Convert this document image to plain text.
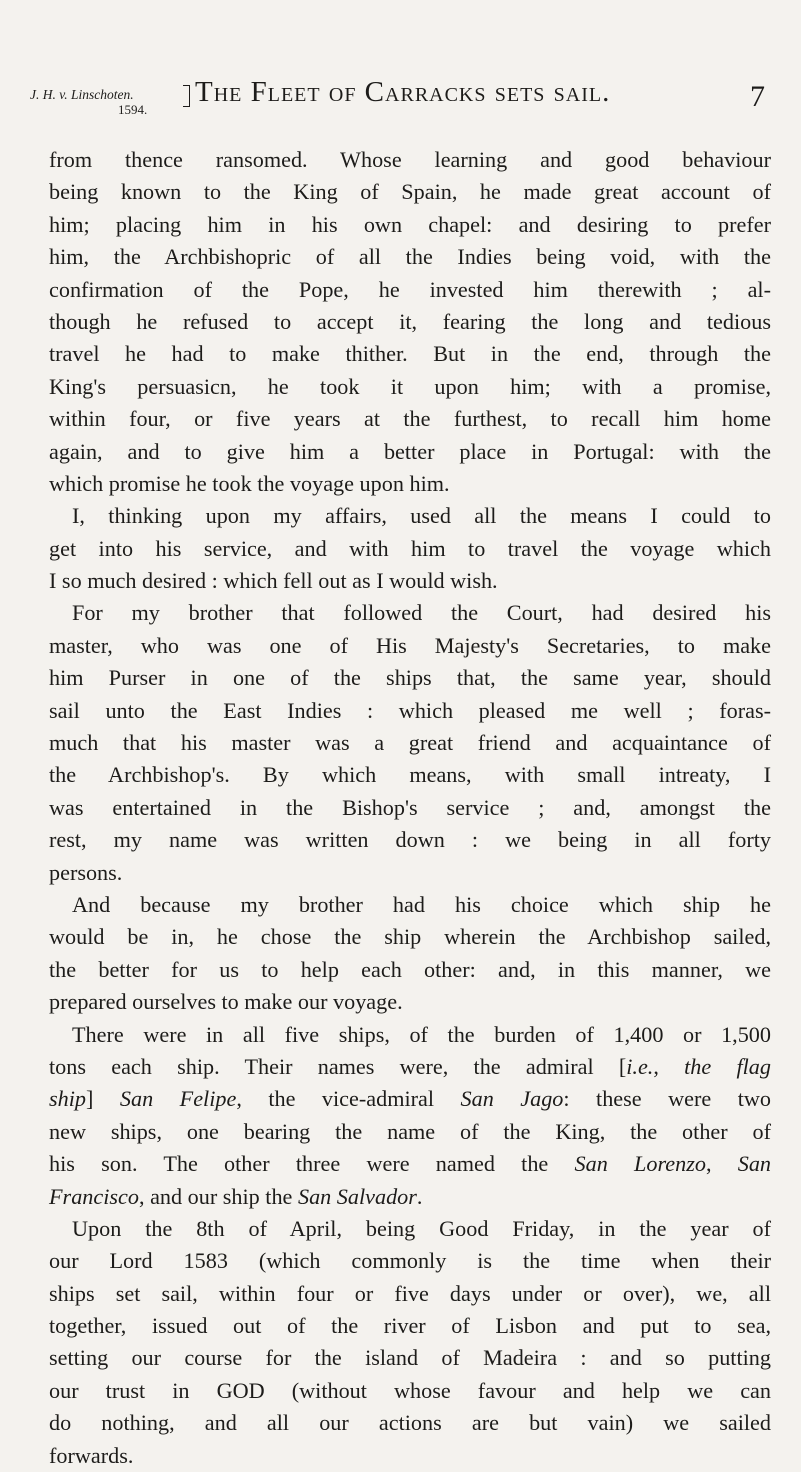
J. H. v. Linschoten.
1594.
The Fleet of Carracks sets sail.	7
from thence ransomed. Whose learning and good behaviour
being known to the King of Spain, he made great account of
him; placing him in his own chapel: and desiring to prefer
him, the Archbishopric of all the Indies being void, with the
confirmation of the Pope, he invested him therewith ; al-
though he refused to accept it, fearing the long and tedious
travel he had to make thither. But in the end, through the
King's persuasicn, he took it upon him; with a promise,
within four, or five years at the furthest, to recall him home
again, and to give him a better place in Portugal: with the
which promise he took the voyage upon him.
I, thinking upon my affairs, used all the means I could to
get into his service, and with him to travel the voyage which
I so much desired : which fell out as I would wish.
For my brother that followed the Court, had desired his
master, who was one of His Majesty's Secretaries, to make
him Purser in one of the ships that, the same year, should
sail unto the East Indies : which pleased me well ; foras-
much that his master was a great friend and acquaintance of
the Archbishop's. By which means, with small intreaty, I
was entertained in the Bishop's service ; and, amongst the
rest, my name was written down : we being in all forty
persons.
And because my brother had his choice which ship he
would be in, he chose the ship wherein the Archbishop sailed,
the better for us to help each other: and, in this manner, we
prepared ourselves to make our voyage.
There were in all five ships, of the burden of 1,400 or 1,500
tons each ship. Their names were, the admiral [i.e., the flag
ship] San Felipe, the vice-admiral San Jago: these were two
new ships, one bearing the name of the King, the other of
his son. The other three were named the San Lorenzo, San
Francisco, and our ship the San Salvador.
Upon the 8th of April, being Good Friday, in the year of
our Lord 1583 (which commonly is the time when their
ships set sail, within four or five days under or over), we, all
together, issued out of the river of Lisbon and put to sea,
setting our course for the island of Madeira : and so putting
our trust in GOD (without whose favour and help we can
do nothing, and all our actions are but vain) we sailed
forwards.
